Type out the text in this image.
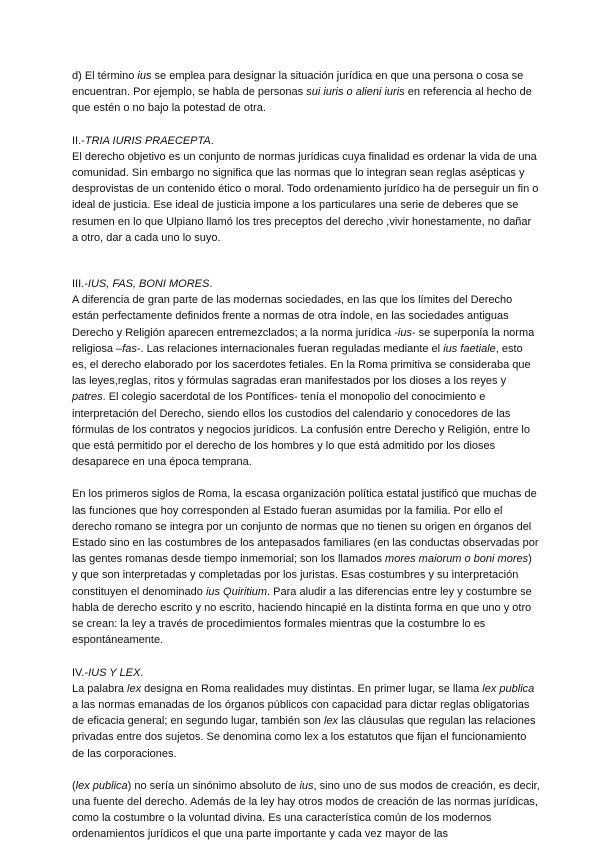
d) El término ius se emplea para designar la situación jurídica en que una persona o cosa se encuentran. Por ejemplo, se habla de personas sui iuris o alieni iuris en referencia al hecho de que estén o no bajo la potestad de otra.

II.-TRIA IURIS PRAECEPTA.

El derecho objetivo es un conjunto de normas jurídicas cuya finalidad es ordenar la vida de una comunidad. Sin embargo no significa que las normas que lo integran sean reglas asépticas y desprovistas de un contenido ético o moral. Todo ordenamiento jurídico ha de perseguir un fin o ideal de justicia. Ese ideal de justicia impone a los particulares una serie de deberes que se resumen en lo que Ulpiano llamó los tres preceptos del derecho ,vivir honestamente, no dañar a otro, dar a cada uno lo suyo.

III.-IUS, FAS, BONI MORES.

A diferencia de gran parte de las modernas sociedades, en las que los límites del Derecho están perfectamente definidos frente a normas de otra índole, en las sociedades antiguas Derecho y Religión aparecen entremezclados; a la norma jurídica -ius- se superponía la norma religiosa –fas-. Las relaciones internacionales fueran reguladas mediante el ius faetiale, esto es, el derecho elaborado por los sacerdotes fetiales. En la Roma primitiva se consideraba que las leyes,reglas, ritos y fórmulas sagradas eran manifestados por los dioses a los reyes y patres. El colegio sacerdotal de los Pontífices- tenía el monopolio del conocimiento e interpretación del Derecho, siendo ellos los custodios del calendario y conocedores de las fórmulas de los contratos y negocios jurídicos. La confusión entre Derecho y Religión, entre lo que está permitido por el derecho de los hombres y lo que está admitido por los dioses desaparece en una época temprana.

En los primeros siglos de Roma, la escasa organización política estatal justificó que muchas de las funciones que hoy corresponden al Estado fueran asumidas por la familia. Por ello el derecho romano se integra por un conjunto de normas que no tienen su origen en órganos del Estado sino en las costumbres de los antepasados familiares (en las conductas observadas por las gentes romanas desde tiempo inmemorial; son los llamados mores maiorum o boni mores) y que son interpretadas y completadas por los juristas. Esas costumbres y su interpretación constituyen el denominado ius Quiritium. Para aludir a las diferencias entre ley y costumbre se habla de derecho escrito y no escrito, haciendo hincapié en la distinta forma en que uno y otro se crean: la ley a través de procedimientos formales mientras que la costumbre lo es espontáneamente.

IV.-IUS Y LEX.

La palabra lex designa en Roma realidades muy distintas. En primer lugar, se llama lex publica a las normas emanadas de los órganos públicos con capacidad para dictar reglas obligatorias de eficacia general; en segundo lugar, también son lex las cláusulas que regulan las relaciones privadas entre dos sujetos. Se denomina como lex a los estatutos que fijan el funcionamiento de las corporaciones.

(lex publica) no sería un sinónimo absoluto de ius, sino uno de sus modos de creación, es decir, una fuente del derecho. Además de la ley hay otros modos de creación de las normas jurídicas, como la costumbre o la voluntad divina. Es una característica común de los modernos ordenamientos jurídicos el que una parte importante y cada vez mayor de las
